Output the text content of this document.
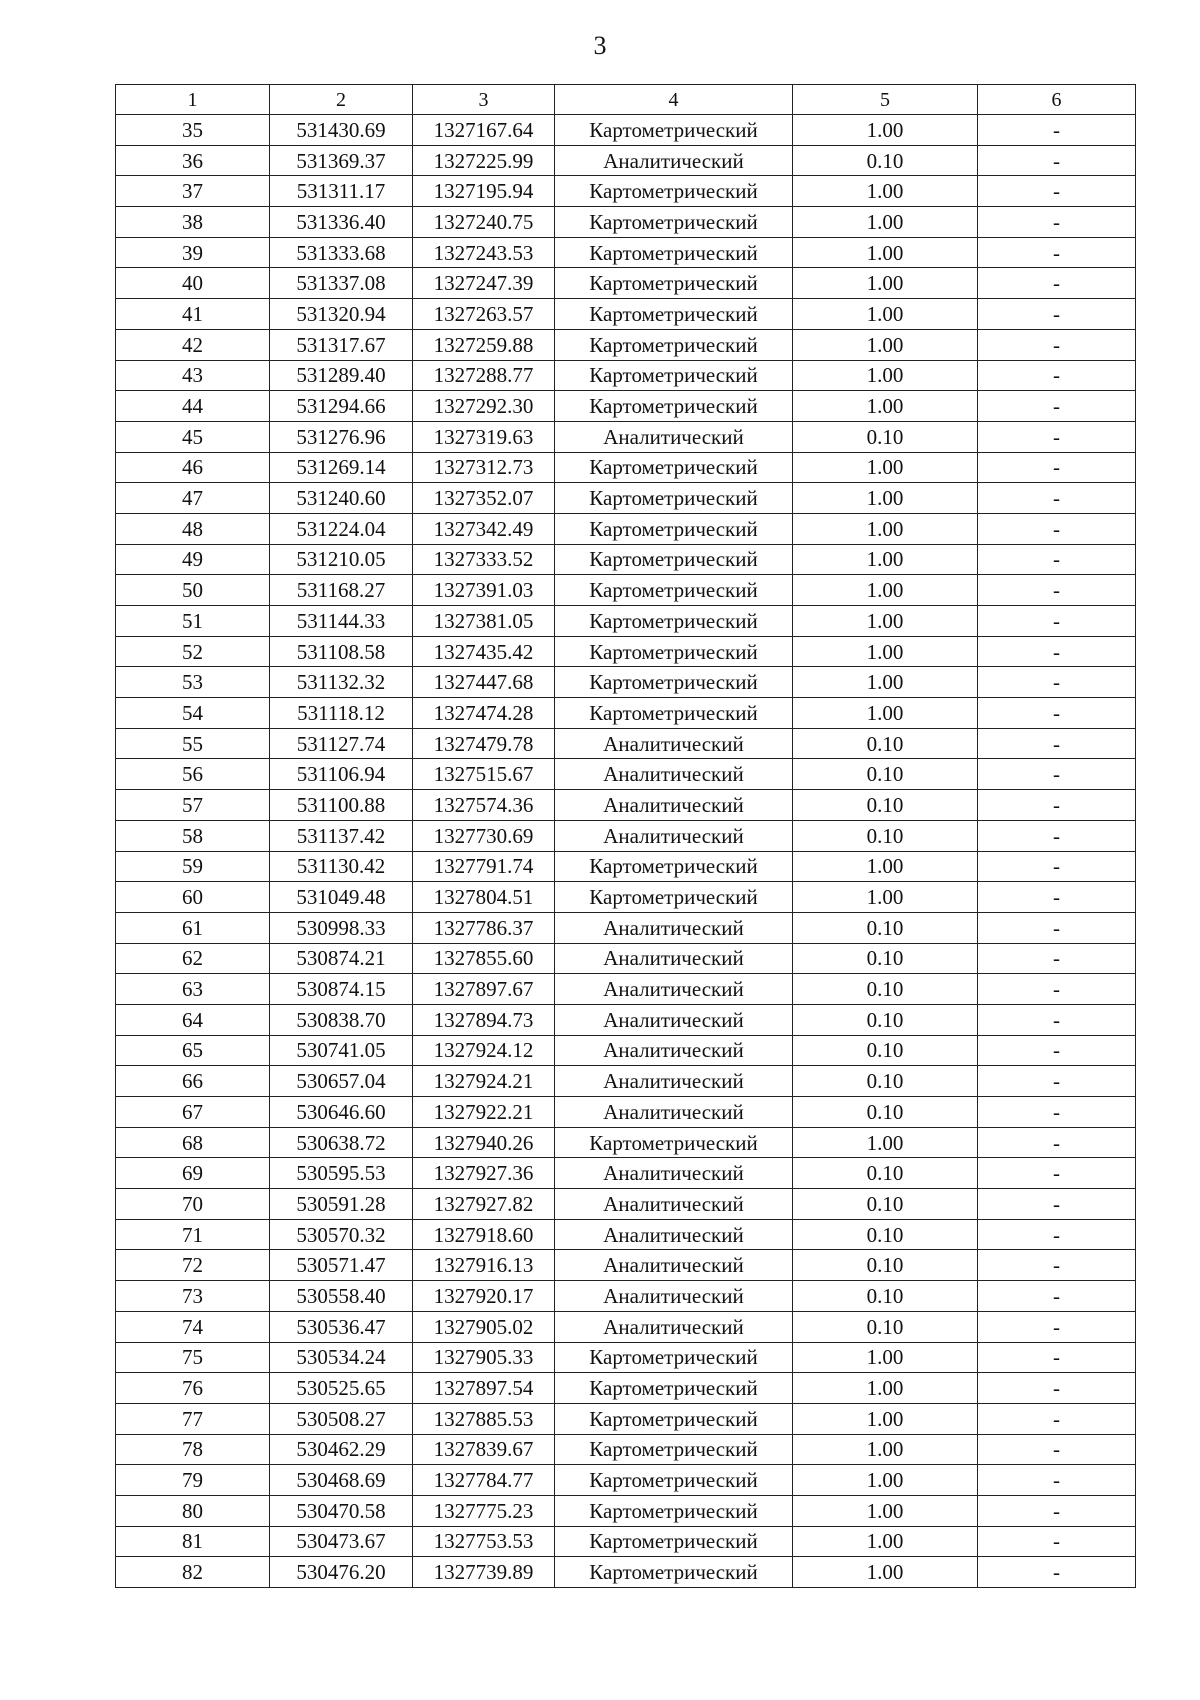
3
1	2	3	4	5	6
35	531430.69	1327167.64	Картометрический	1.00	-
36	531369.37	1327225.99	Аналитический	0.10	-
37	531311.17	1327195.94	Картометрический	1.00	-
38	531336.40	1327240.75	Картометрический	1.00	-
39	531333.68	1327243.53	Картометрический	1.00	-
40	531337.08	1327247.39	Картометрический	1.00	-
41	531320.94	1327263.57	Картометрический	1.00	-
42	531317.67	1327259.88	Картометрический	1.00	-
43	531289.40	1327288.77	Картометрический	1.00	-
44	531294.66	1327292.30	Картометрический	1.00	-
45	531276.96	1327319.63	Аналитический	0.10	-
46	531269.14	1327312.73	Картометрический	1.00	-
47	531240.60	1327352.07	Картометрический	1.00	-
48	531224.04	1327342.49	Картометрический	1.00	-
49	531210.05	1327333.52	Картометрический	1.00	-
50	531168.27	1327391.03	Картометрический	1.00	-
51	531144.33	1327381.05	Картометрический	1.00	-
52	531108.58	1327435.42	Картометрический	1.00	-
53	531132.32	1327447.68	Картометрический	1.00	-
54	531118.12	1327474.28	Картометрический	1.00	-
55	531127.74	1327479.78	Аналитический	0.10	-
56	531106.94	1327515.67	Аналитический	0.10	-
57	531100.88	1327574.36	Аналитический	0.10	-
58	531137.42	1327730.69	Аналитический	0.10	-
59	531130.42	1327791.74	Картометрический	1.00	-
60	531049.48	1327804.51	Картометрический	1.00	-
61	530998.33	1327786.37	Аналитический	0.10	-
62	530874.21	1327855.60	Аналитический	0.10	-
63	530874.15	1327897.67	Аналитический	0.10	-
64	530838.70	1327894.73	Аналитический	0.10	-
65	530741.05	1327924.12	Аналитический	0.10	-
66	530657.04	1327924.21	Аналитический	0.10	-
67	530646.60	1327922.21	Аналитический	0.10	-
68	530638.72	1327940.26	Картометрический	1.00	-
69	530595.53	1327927.36	Аналитический	0.10	-
70	530591.28	1327927.82	Аналитический	0.10	-
71	530570.32	1327918.60	Аналитический	0.10	-
72	530571.47	1327916.13	Аналитический	0.10	-
73	530558.40	1327920.17	Аналитический	0.10	-
74	530536.47	1327905.02	Аналитический	0.10	-
75	530534.24	1327905.33	Картометрический	1.00	-
76	530525.65	1327897.54	Картометрический	1.00	-
77	530508.27	1327885.53	Картометрический	1.00	-
78	530462.29	1327839.67	Картометрический	1.00	-
79	530468.69	1327784.77	Картометрический	1.00	-
80	530470.58	1327775.23	Картометрический	1.00	-
81	530473.67	1327753.53	Картометрический	1.00	-
82	530476.20	1327739.89	Картометрический	1.00	-
